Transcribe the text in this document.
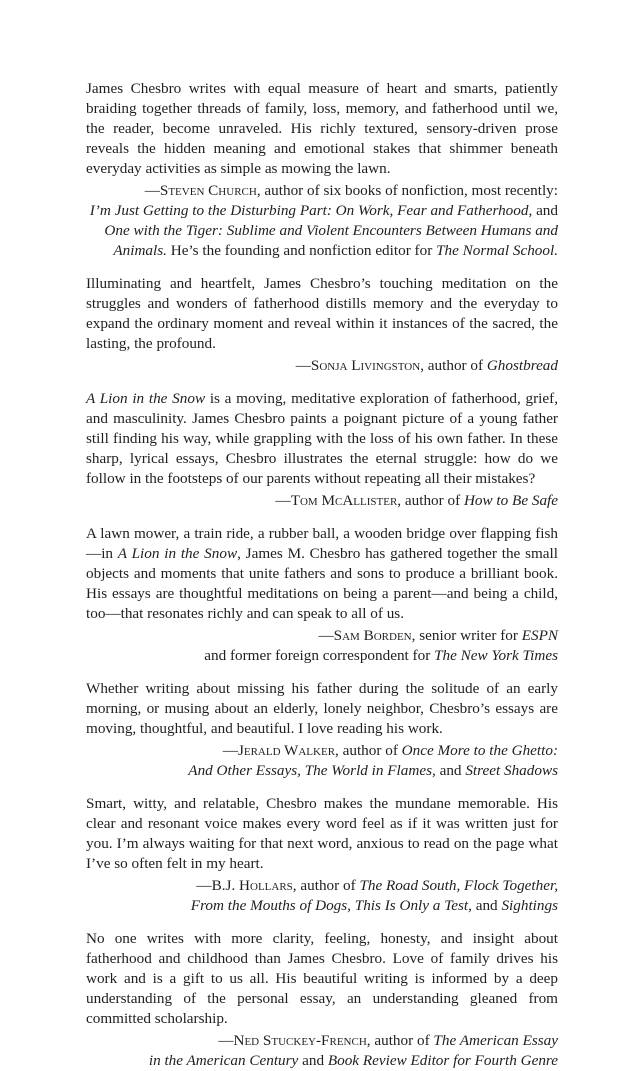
James Chesbro writes with equal measure of heart and smarts, patiently braiding together threads of family, loss, memory, and fatherhood until we, the reader, become unraveled. His richly textured, sensory-driven prose reveals the hidden meaning and emotional stakes that shimmer beneath everyday activities as simple as mowing the lawn.

—Steven Church, author of six books of nonfiction, most recently:
I’m Just Getting to the Disturbing Part: On Work, Fear and Fatherhood, and
One with the Tiger: Sublime and Violent Encounters Between Humans and Animals. He’s the founding and nonfiction editor for The Normal School.

Illuminating and heartfelt, James Chesbro’s touching meditation on the struggles and wonders of fatherhood distills memory and the everyday to expand the ordinary moment and reveal within it instances of the sacred, the lasting, the profound.

—Sonja Livingston, author of Ghostbread

A Lion in the Snow is a moving, meditative exploration of fatherhood, grief, and masculinity. James Chesbro paints a poignant picture of a young father still finding his way, while grappling with the loss of his own father. In these sharp, lyrical essays, Chesbro illustrates the eternal struggle: how do we follow in the footsteps of our parents without repeating all their mistakes?

—Tom McAllister, author of How to Be Safe

A lawn mower, a train ride, a rubber ball, a wooden bridge over flapping fish—in A Lion in the Snow, James M. Chesbro has gathered together the small objects and moments that unite fathers and sons to produce a brilliant book. His essays are thoughtful meditations on being a parent—and being a child, too—that resonates richly and can speak to all of us.

—Sam Borden, senior writer for ESPN
and former foreign correspondent for The New York Times

Whether writing about missing his father during the solitude of an early morning, or musing about an elderly, lonely neighbor, Chesbro’s essays are moving, thoughtful, and beautiful. I love reading his work.

—Jerald Walker, author of Once More to the Ghetto:
And Other Essays, The World in Flames, and Street Shadows

Smart, witty, and relatable, Chesbro makes the mundane memorable. His clear and resonant voice makes every word feel as if it was written just for you. I’m always waiting for that next word, anxious to read on the page what I’ve so often felt in my heart.

—B.J. Hollars, author of The Road South, Flock Together,
From the Mouths of Dogs, This Is Only a Test, and Sightings

No one writes with more clarity, feeling, honesty, and insight about fatherhood and childhood than James Chesbro. Love of family drives his work and is a gift to us all. His beautiful writing is informed by a deep understanding of the personal essay, an understanding gleaned from committed scholarship.

—Ned Stuckey-French, author of The American Essay
in the American Century and Book Review Editor for Fourth Genre
